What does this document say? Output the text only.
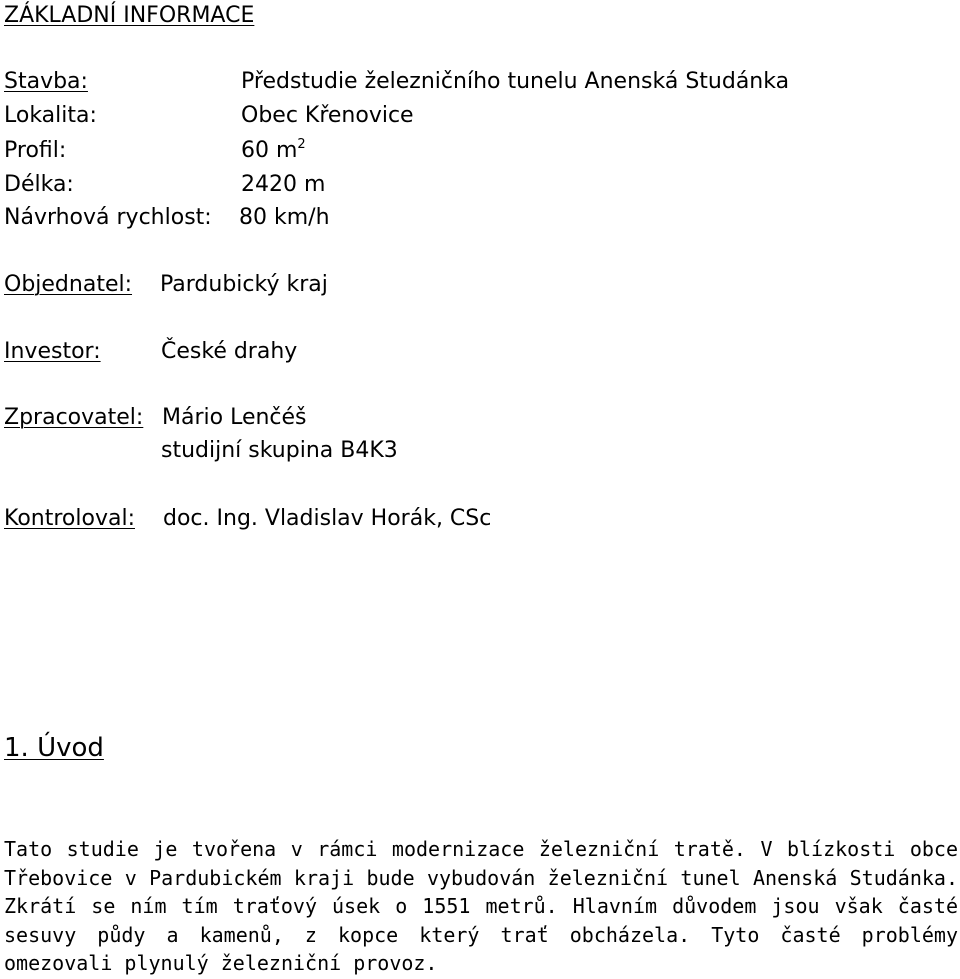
ZÁKLADNÍ INFORMACE
Stavba:	Předstudie železničního tunelu Anenská Studánka
Lokalita:	Obec Křenovice
Profil:	60 $m^2$
Délka:	2420 m
Návrhová rychlost: 80 km/h
Objednatel: Pardubický kraj
Investor:	České drahy
Zpracovatel: Mário Lenčéš
studijní skupina B4K3
Kontroloval: doc. Ing. Vladislav Horák, CSc
1. Úvod

Tato studie je tvořena v rámci modernizace železniční tratě. V blízkosti obce Třebovice v Pardubickém kraji bude vybudován železniční tunel Anenská Studánka. Zkrátí se ním tím traťový úsek o 1551 metrů. Hlavním důvodem jsou však časté sesuvy půdy a kamenů, z kopce který trať obcházela. Tyto časté problémy omezovali plynulý železniční provoz.
